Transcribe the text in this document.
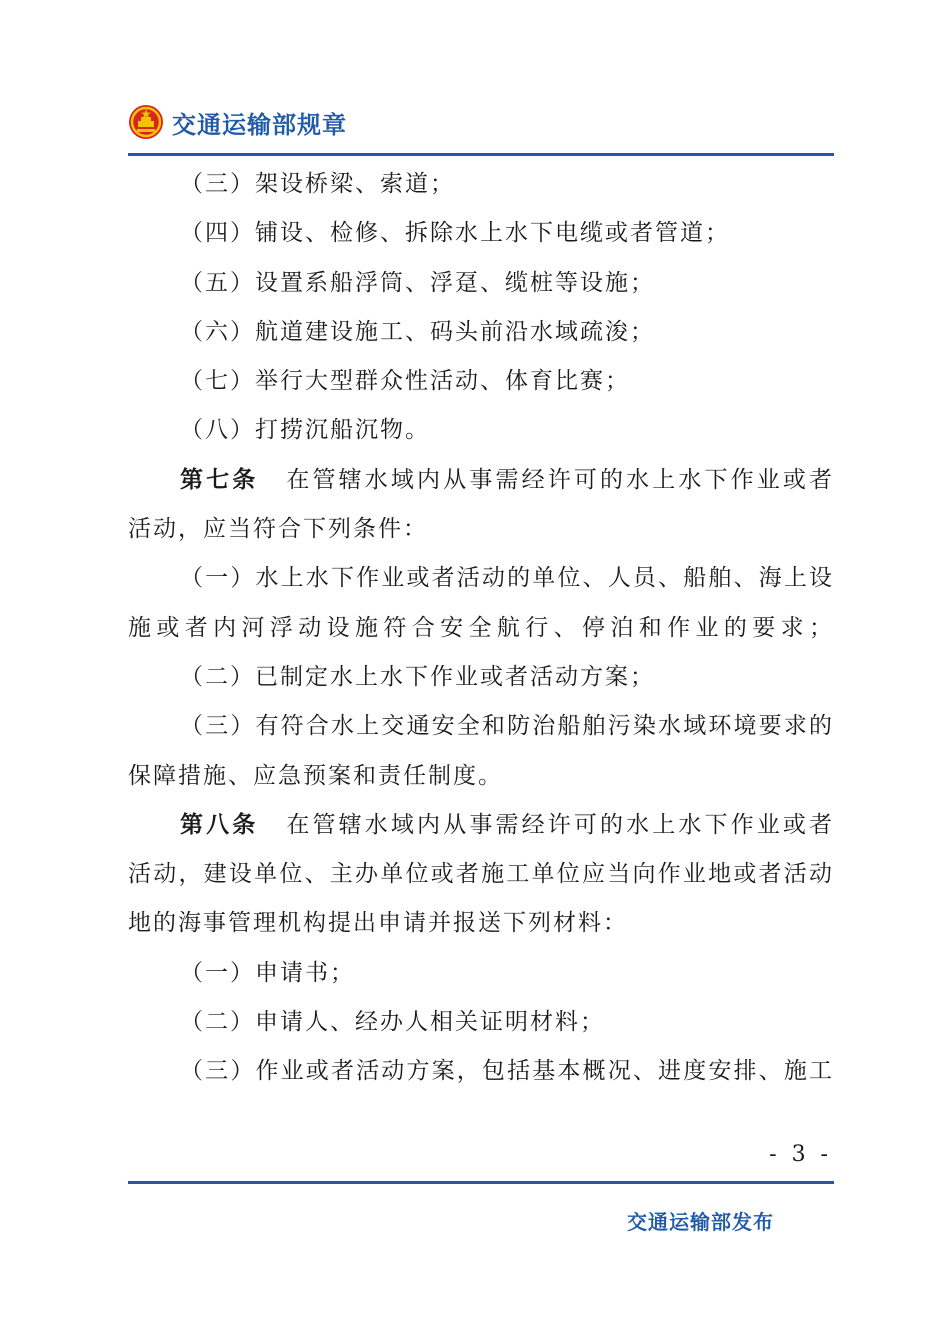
交通运输部规章
（三）架设桥梁、索道；
（四）铺设、检修、拆除水上水下电缆或者管道；
（五）设置系船浮筒、浮趸、缆桩等设施；
（六）航道建设施工、码头前沿水域疏浚；
（七）举行大型群众性活动、体育比赛；
（八）打捞沉船沉物。
第七条 在管辖水域内从事需经许可的水上水下作业或者
活动，应当符合下列条件：
（一）水上水下作业或者活动的单位、人员、船舶、海上设
施或者内河浮动设施符合安全航行、停泊和作业的要求；
（二）已制定水上水下作业或者活动方案；
（三）有符合水上交通安全和防治船舶污染水域环境要求的
保障措施、应急预案和责任制度。
第八条 在管辖水域内从事需经许可的水上水下作业或者
活动，建设单位、主办单位或者施工单位应当向作业地或者活动
地的海事管理机构提出申请并报送下列材料：
（一）申请书；
（二）申请人、经办人相关证明材料；
（三）作业或者活动方案，包括基本概况、进度安排、施工
- 3 -
交通运输部发布
